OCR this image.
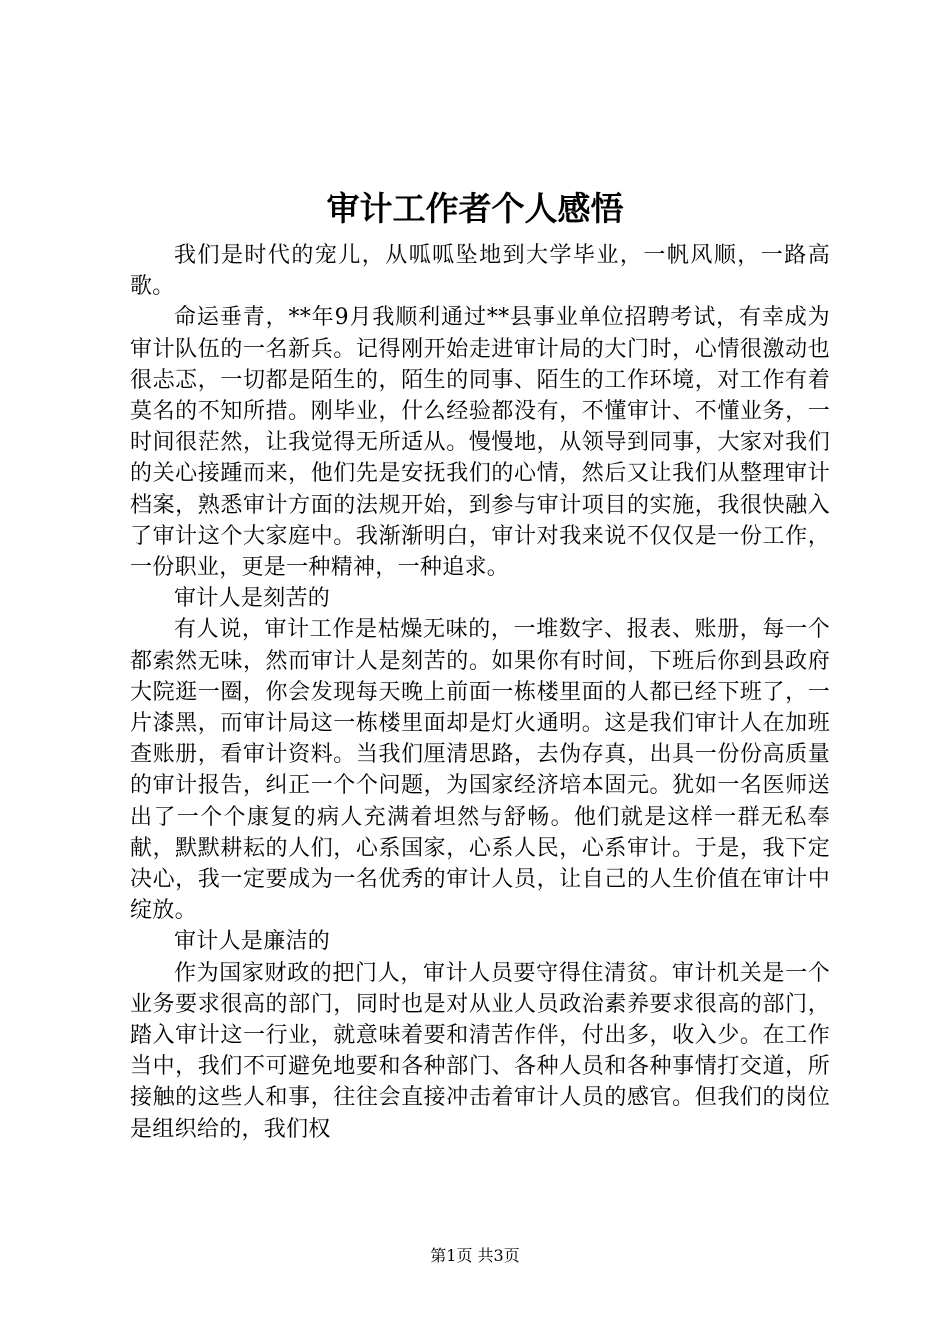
审计工作者个人感悟

我们是时代的宠儿，从呱呱坠地到大学毕业，一帆风顺，一路高歌。

命运垂青，**年9月我顺利通过**县事业单位招聘考试，有幸成为审计队伍的一名新兵。记得刚开始走进审计局的大门时，心情很激动也很忐忑，一切都是陌生的，陌生的同事、陌生的工作环境，对工作有着莫名的不知所措。刚毕业，什么经验都没有，不懂审计、不懂业务，一时间很茫然，让我觉得无所适从。慢慢地，从领导到同事，大家对我们的关心接踵而来，他们先是安抚我们的心情，然后又让我们从整理审计档案，熟悉审计方面的法规开始，到参与审计项目的实施，我很快融入了审计这个大家庭中。我渐渐明白，审计对我来说不仅仅是一份工作，一份职业，更是一种精神，一种追求。

审计人是刻苦的

有人说，审计工作是枯燥无味的，一堆数字、报表、账册，每一个都索然无味，然而审计人是刻苦的。如果你有时间，下班后你到县政府大院逛一圈，你会发现每天晚上前面一栋楼里面的人都已经下班了，一片漆黑，而审计局这一栋楼里面却是灯火通明。这是我们审计人在加班查账册，看审计资料。当我们厘清思路，去伪存真，出具一份份高质量的审计报告，纠正一个个问题，为国家经济培本固元。犹如一名医师送出了一个个康复的病人充满着坦然与舒畅。他们就是这样一群无私奉献，默默耕耘的人们，心系国家，心系人民，心系审计。于是，我下定决心，我一定要成为一名优秀的审计人员，让自己的人生价值在审计中绽放。

审计人是廉洁的

作为国家财政的把门人，审计人员要守得住清贫。审计机关是一个业务要求很高的部门，同时也是对从业人员政治素养要求很高的部门，踏入审计这一行业，就意味着要和清苦作伴，付出多，收入少。在工作当中，我们不可避免地要和各种部门、各种人员和各种事情打交道，所接触的这些人和事，往往会直接冲击着审计人员的感官。但我们的岗位是组织给的，我们权

第1页 共3页
